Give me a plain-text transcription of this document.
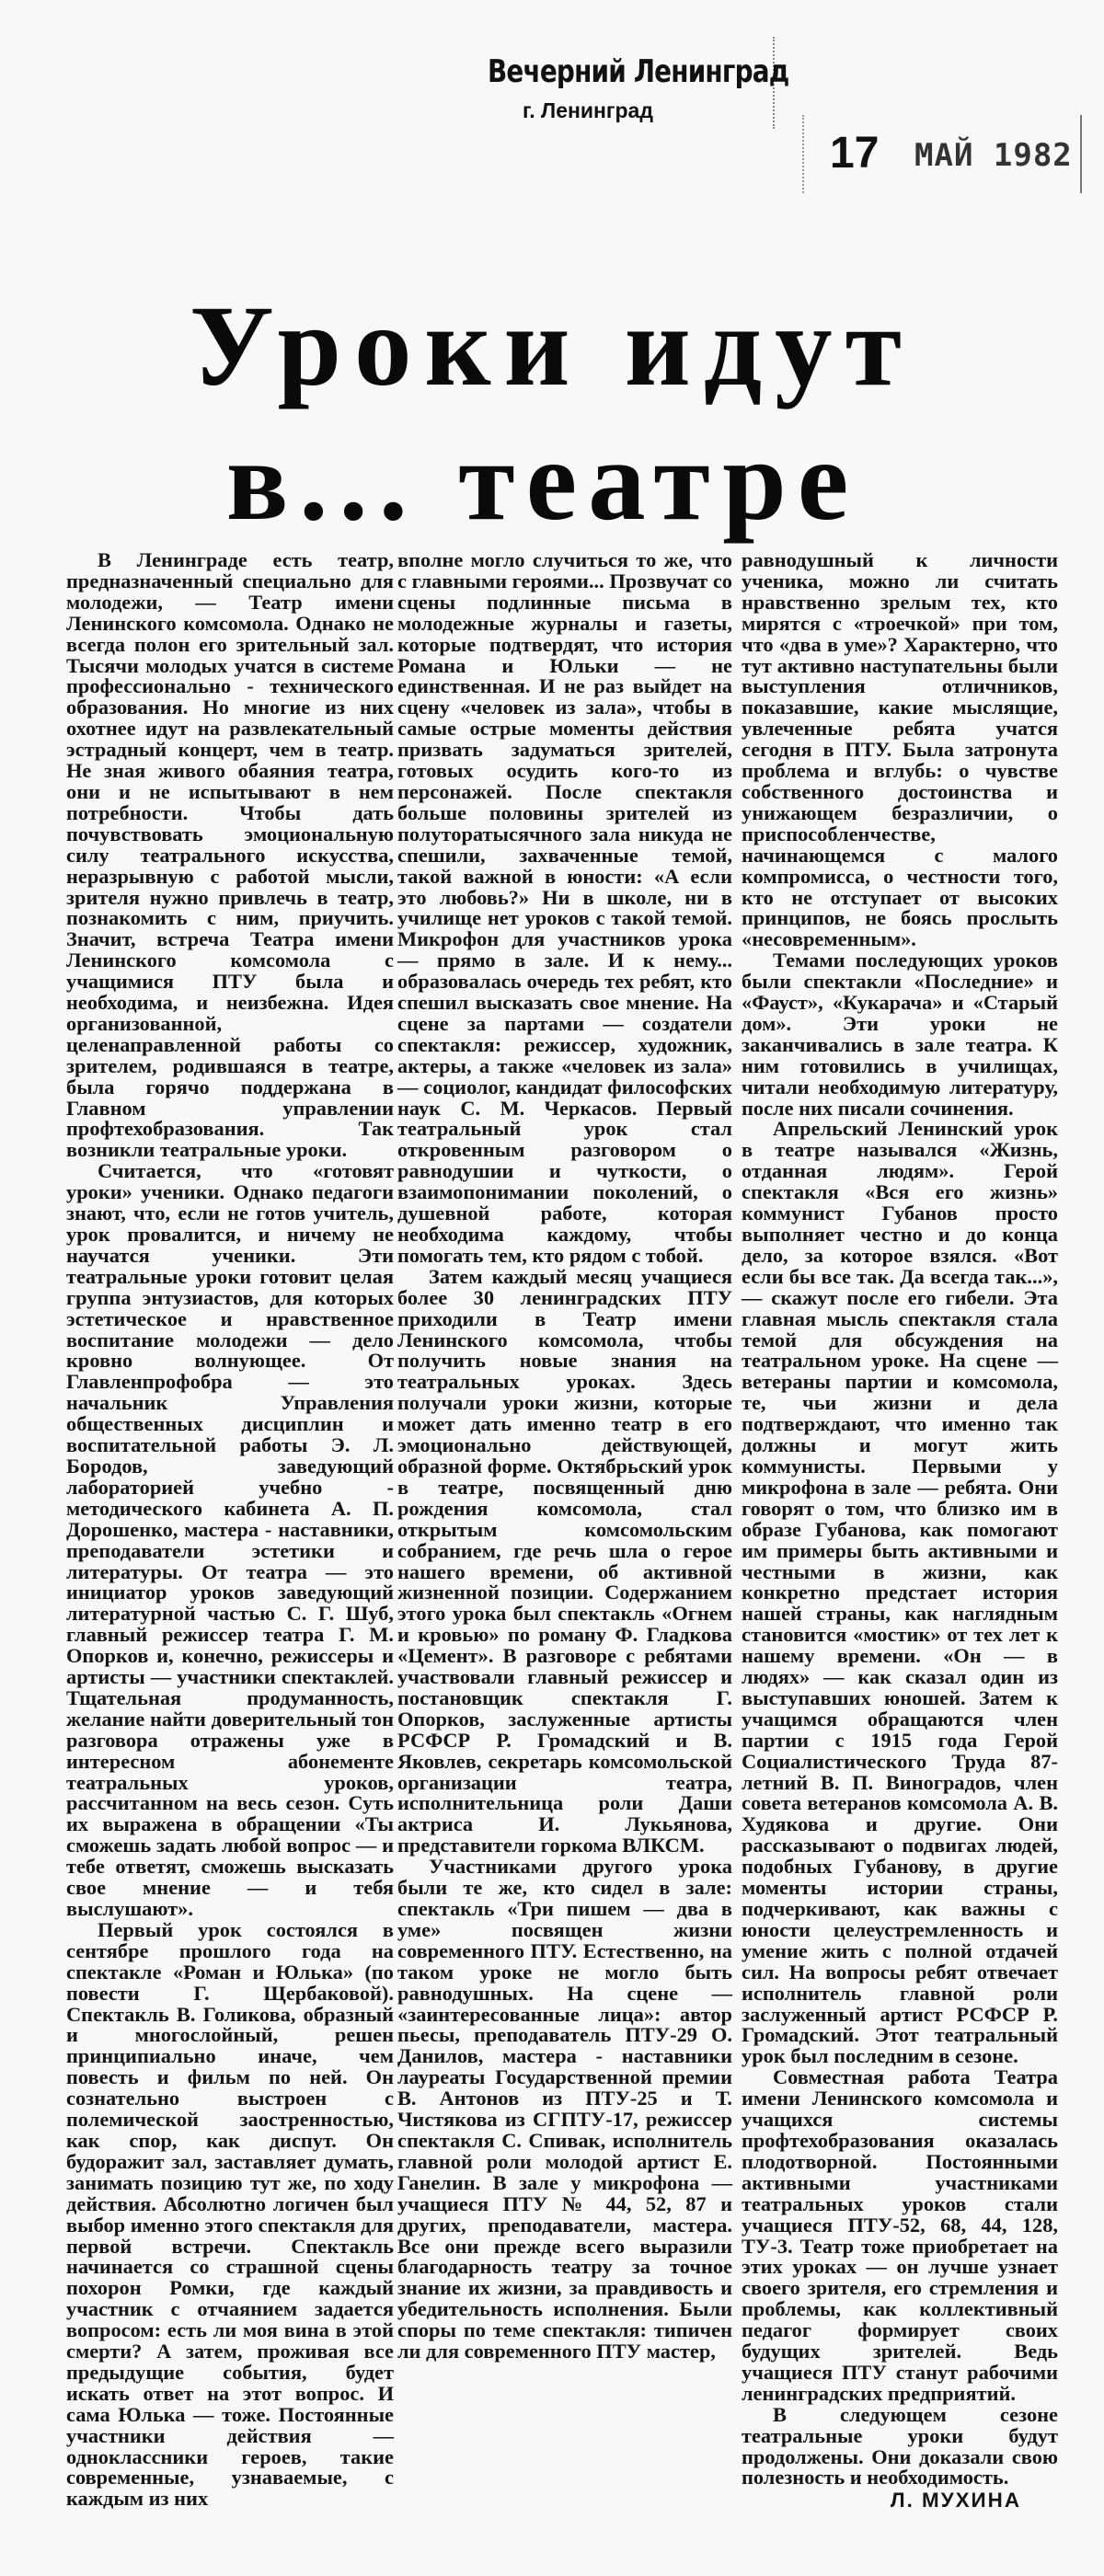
Вечерний Ленинград
г. Ленинград
17 МАЙ 1982
Уроки идут
в... театре

В Ленинграде есть театр, предназначенный специально для молодежи, — Театр имени Ленинского комсомола. Однако не всегда полон его зрительный зал. Тысячи молодых учатся в системе профессионально - технического образования. Но многие из них охотнее идут на развлекательный эстрадный концерт, чем в театр. Не зная живого обаяния театра, они и не испытывают в нем потребности. Чтобы дать почувствовать эмоциональную силу театрального искусства, неразрывную с работой мысли, зрителя нужно привлечь в театр, познакомить с ним, приучить. Значит, встреча Театра имени Ленинского комсомола с учащимися ПТУ была и необходима, и неизбежна. Идея организованной, целенаправленной работы со зрителем, родившаяся в театре, была горячо поддержана в Главном управлении профтехобразования. Так возникли театральные уроки.

Считается, что «готовят уроки» ученики. Однако педагоги знают, что, если не готов учитель, урок провалится, и ничему не научатся ученики. Эти театральные уроки готовит целая группа энтузиастов, для которых эстетическое и нравственное воспитание молодежи — дело кровно волнующее. От Главленпрофобра — это начальник Управления общественных дисциплин и воспитательной работы Э. Л. Бородов, заведующий лабораторией учебно - методического кабинета А. П. Дорошенко, мастера - наставники, преподаватели эстетики и литературы. От театра — это инициатор уроков заведующий литературной частью С. Г. Шуб, главный режиссер театра Г. М. Опорков и, конечно, режиссеры и артисты — участники спектаклей. Тщательная продуманность, желание найти доверительный тон разговора отражены уже в интересном абонементе театральных уроков, рассчитанном на весь сезон. Суть их выражена в обращении «Ты сможешь задать любой вопрос — и тебе ответят, сможешь высказать свое мнение — и тебя выслушают».

Первый урок состоялся в сентябре прошлого года на спектакле «Роман и Юлька» (по повести Г. Щербаковой). Спектакль В. Голикова, образный и многослойный, решен принципиально иначе, чем повесть и фильм по ней. Он сознательно выстроен с полемической заостренностью, как спор, как диспут. Он будоражит зал, заставляет думать, занимать позицию тут же, по ходу действия. Абсолютно логичен был выбор именно этого спектакля для первой встречи. Спектакль начинается со страшной сцены похорон Ромки, где каждый участник с отчаянием задается вопросом: есть ли моя вина в этой смерти? А затем, проживая все предыдущие события, будет искать ответ на этот вопрос. И сама Юлька — тоже. Постоянные участники действия — одноклассники героев, такие современные, узнаваемые, с каждым из них

вполне могло случиться то же, что с главными героями... Прозвучат со сцены подлинные письма в молодежные журналы и газеты, которые подтвердят, что история Романа и Юльки — не единственная. И не раз выйдет на сцену «человек из зала», чтобы в самые острые моменты действия призвать задуматься зрителей, готовых осудить кого-то из персонажей. После спектакля больше половины зрителей из полуторатысячного зала никуда не спешили, захваченные темой, такой важной в юности: «А если это любовь?» Ни в школе, ни в училище нет уроков с такой темой. Микрофон для участников урока — прямо в зале. И к нему... образовалась очередь тех ребят, кто спешил высказать свое мнение. На сцене за партами — создатели спектакля: режиссер, художник, актеры, а также «человек из зала» — социолог, кандидат философских наук С. М. Черкасов. Первый театральный урок стал откровенным разговором о равнодушии и чуткости, о взаимопонимании поколений, о душевной работе, которая необходима каждому, чтобы помогать тем, кто рядом с тобой.

Затем каждый месяц учащиеся более 30 ленинградских ПТУ приходили в Театр имени Ленинского комсомола, чтобы получить новые знания на театральных уроках. Здесь получали уроки жизни, которые может дать именно театр в его эмоционально действующей, образной форме. Октябрьский урок в театре, посвященный дню рождения комсомола, стал открытым комсомольским собранием, где речь шла о герое нашего времени, об активной жизненной позиции. Содержанием этого урока был спектакль «Огнем и кровью» по роману Ф. Гладкова «Цемент». В разговоре с ребятами участвовали главный режиссер и постановщик спектакля Г. Опорков, заслуженные артисты РСФСР Р. Громадский и В. Яковлев, секретарь комсомольской организации театра, исполнительница роли Даши актриса И. Лукьянова, представители горкома ВЛКСМ.

Участниками другого урока были те же, кто сидел в зале: спектакль «Три пишем — два в уме» посвящен жизни современного ПТУ. Естественно, на таком уроке не могло быть равнодушных. На сцене — «заинтересованные лица»: автор пьесы, преподаватель ПТУ-29 О. Данилов, мастера - наставники лауреаты Государственной премии В. Антонов из ПТУ-25 и Т. Чистякова из СГПТУ-17, режиссер спектакля С. Спивак, исполнитель главной роли молодой артист Е. Ганелин. В зале у микрофона — учащиеся ПТУ № 44, 52, 87 и других, преподаватели, мастера. Все они прежде всего выразили благодарность театру за точное знание их жизни, за правдивость и убедительность исполнения. Были споры по теме спектакля: типичен ли для современного ПТУ мастер,

равнодушный к личности ученика, можно ли считать нравственно зрелым тех, кто мирятся с «троечкой» при том, что «два в уме»? Характерно, что тут активно наступательны были выступления отличников, показавшие, какие мыслящие, увлеченные ребята учатся сегодня в ПТУ. Была затронута проблема и вглубь: о чувстве собственного достоинства и унижающем безразличии, о приспособленчестве, начинающемся с малого компромисса, о честности того, кто не отступает от высоких принципов, не боясь прослыть «несовременным».

Темами последующих уроков были спектакли «Последние» и «Фауст», «Кукарача» и «Старый дом». Эти уроки не заканчивались в зале театра. К ним готовились в училищах, читали необходимую литературу, после них писали сочинения.

Апрельский Ленинский урок в театре назывался «Жизнь, отданная людям». Герой спектакля «Вся его жизнь» коммунист Губанов просто выполняет честно и до конца дело, за которое взялся. «Вот если бы все так. Да всегда так...», — скажут после его гибели. Эта главная мысль спектакля стала темой для обсуждения на театральном уроке. На сцене — ветераны партии и комсомола, те, чьи жизни и дела подтверждают, что именно так должны и могут жить коммунисты. Первыми у микрофона в зале — ребята. Они говорят о том, что близко им в образе Губанова, как помогают им примеры быть активными и честными в жизни, как конкретно предстает история нашей страны, как наглядным становится «мостик» от тех лет к нашему времени. «Он — в людях» — как сказал один из выступавших юношей. Затем к учащимся обращаются член партии с 1915 года Герой Социалистического Труда 87-летний В. П. Виноградов, член совета ветеранов комсомола А. В. Худякова и другие. Они рассказывают о подвигах людей, подобных Губанову, в другие моменты истории страны, подчеркивают, как важны с юности целеустремленность и умение жить с полной отдачей сил. На вопросы ребят отвечает исполнитель главной роли заслуженный артист РСФСР Р. Громадский. Этот театральный урок был последним в сезоне.

Совместная работа Театра имени Ленинского комсомола и учащихся системы профтехобразования оказалась плодотворной. Постоянными активными участниками театральных уроков стали учащиеся ПТУ-52, 68, 44, 128, ТУ-3. Театр тоже приобретает на этих уроках — он лучше узнает своего зрителя, его стремления и проблемы, как коллективный педагог формирует своих будущих зрителей. Ведь учащиеся ПТУ станут рабочими ленинградских предприятий.

В следующем сезоне театральные уроки будут продолжены. Они доказали свою полезность и необходимость.

Л. МУХИНА
